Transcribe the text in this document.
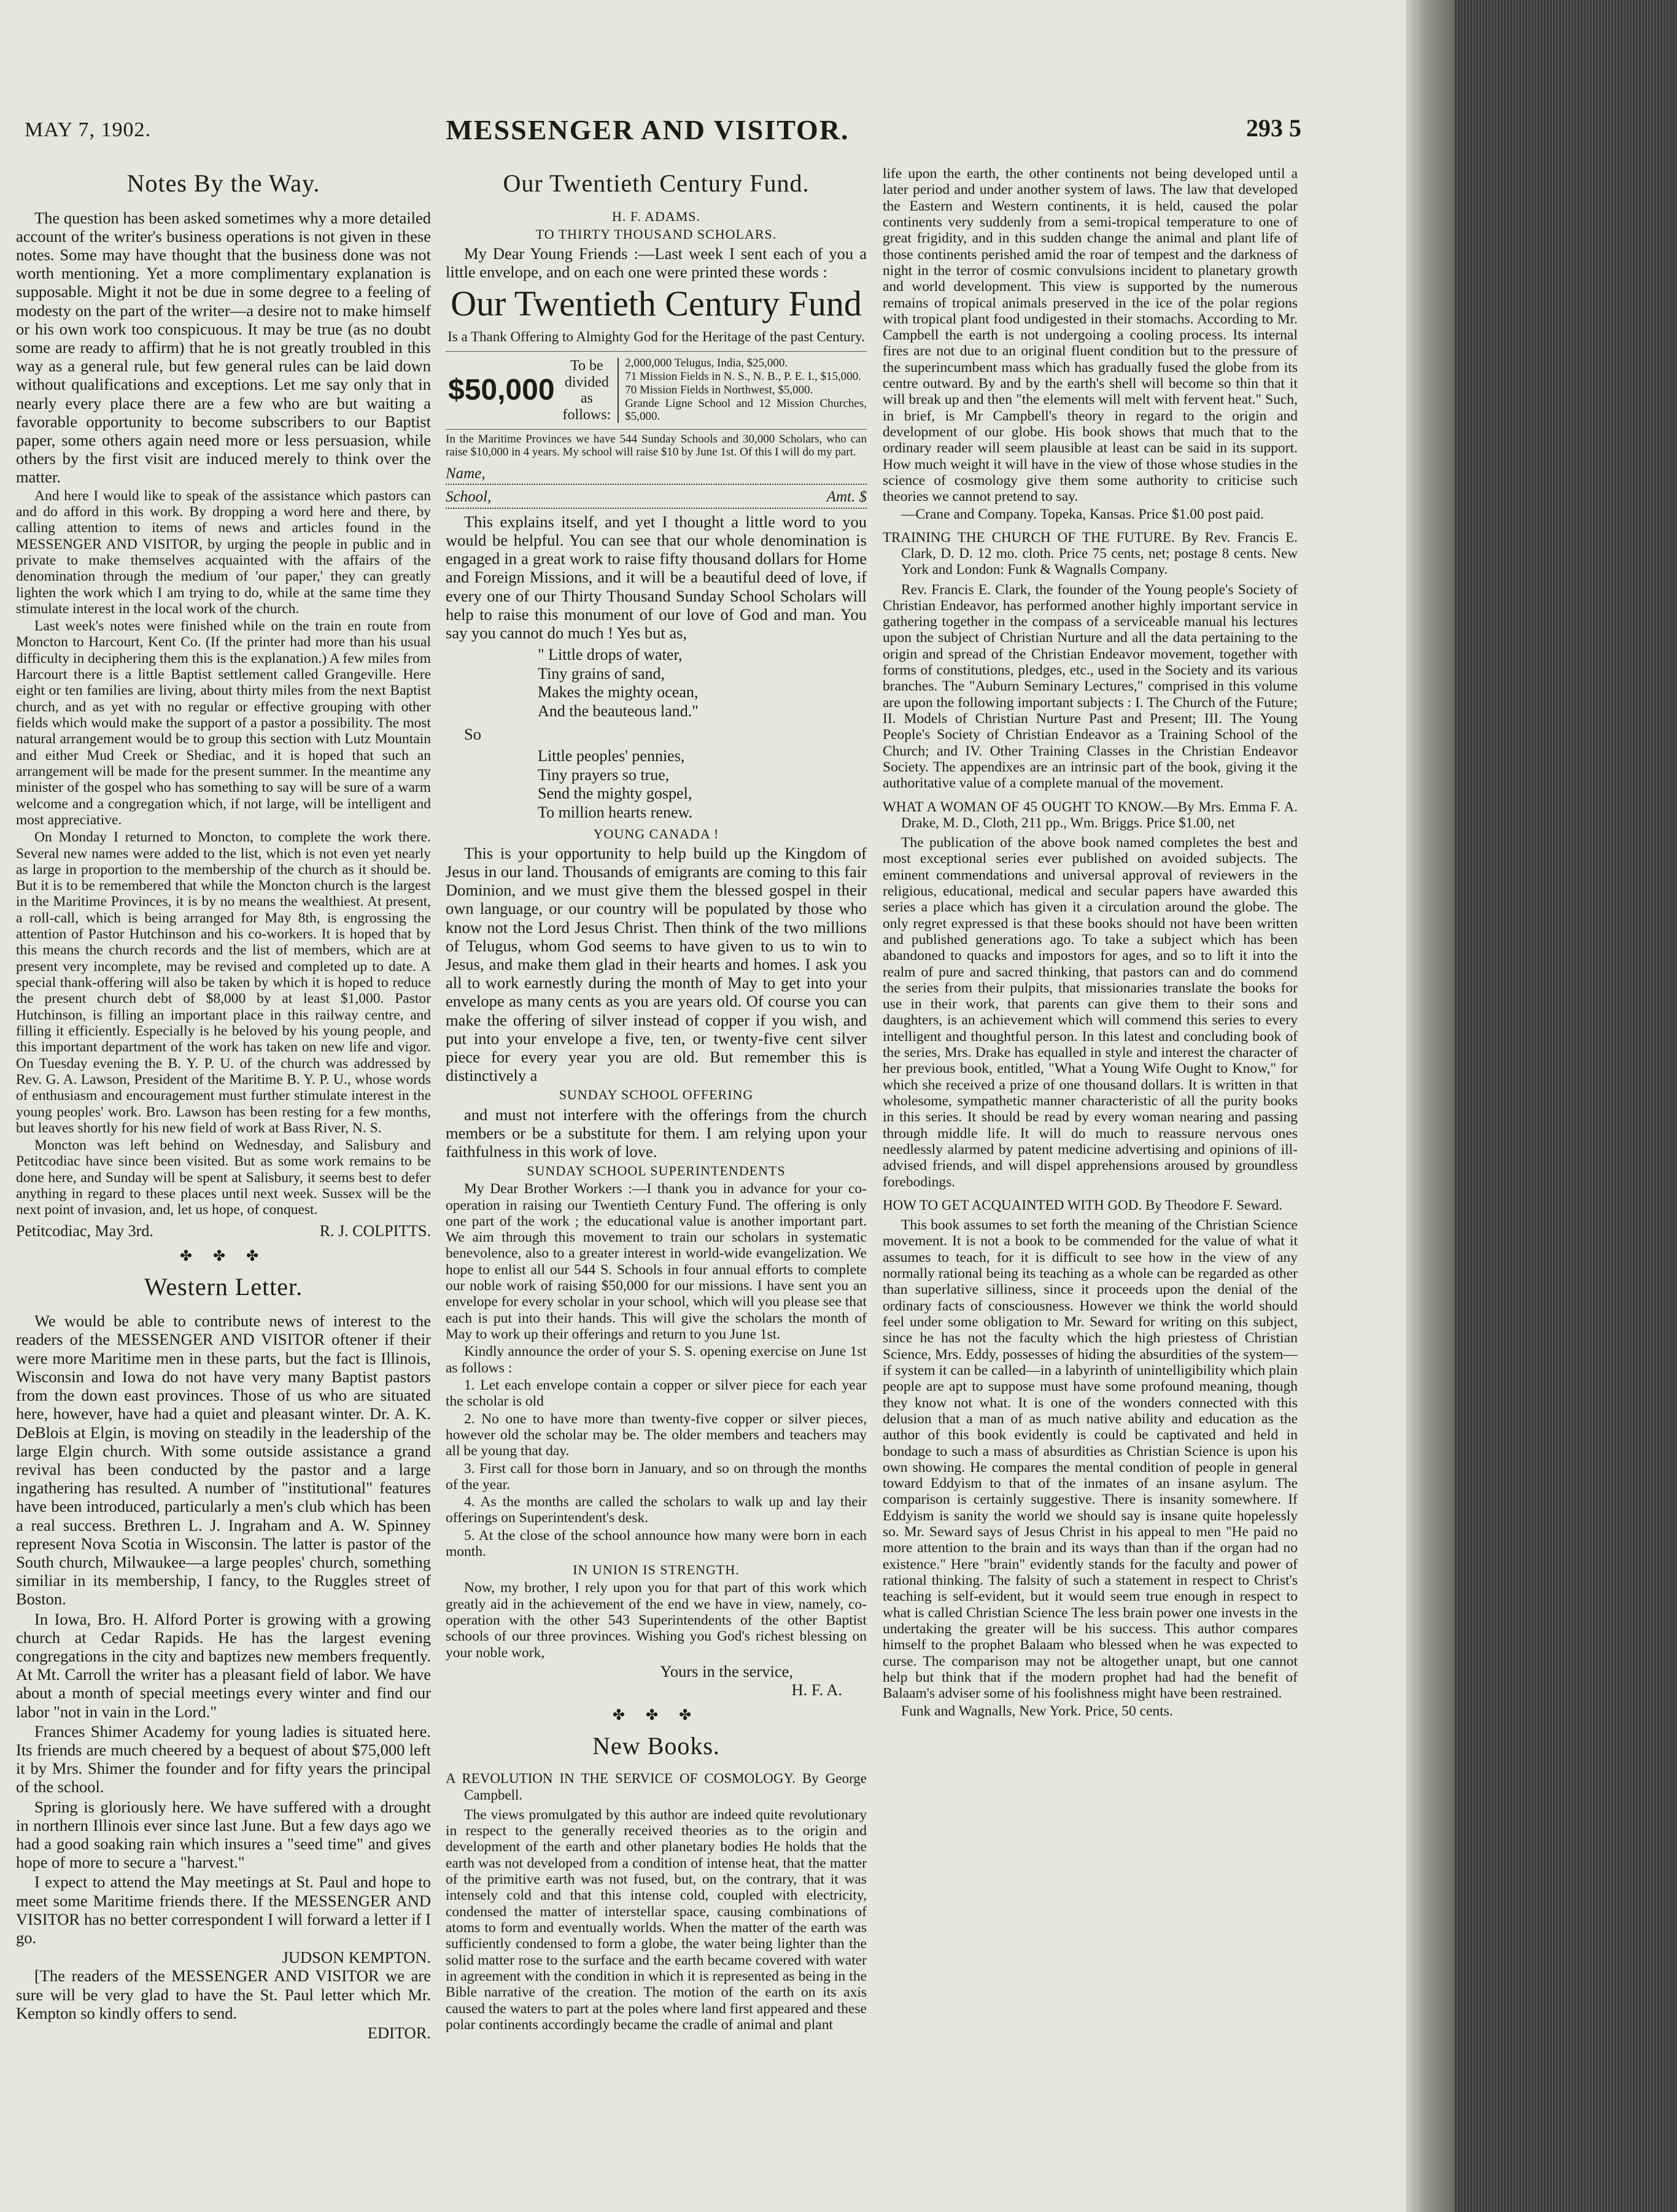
MAY 7, 1902.	MESSENGER AND VISITOR.	293 5
Notes By the Way.

The question has been asked sometimes why a more detailed account of the writer's business operations is not given in these notes. Some may have thought that the business done was not worth mentioning. Yet a more complimentary explanation is supposable. Might it not be due in some degree to a feeling of modesty on the part of the writer—a desire not to make himself or his own work too conspicuous. It may be true (as no doubt some are ready to affirm) that he is not greatly troubled in this way as a general rule, but few general rules can be laid down without qualifications and exceptions. Let me say only that in nearly every place there are a few who are but waiting a favorable opportunity to become subscribers to our Baptist paper, some others again need more or less persuasion, while others by the first visit are induced merely to think over the matter.

And here I would like to speak of the assistance which pastors can and do afford in this work. By dropping a word here and there, by calling attention to items of news and articles found in the MESSENGER AND VISITOR, by urging the people in public and in private to make themselves acquainted with the affairs of the denomination through the medium of 'our paper,' they can greatly lighten the work which I am trying to do, while at the same time they stimulate interest in the local work of the church.

Last week's notes were finished while on the train en route from Moncton to Harcourt, Kent Co. (If the printer had more than his usual difficulty in deciphering them this is the explanation.) A few miles from Harcourt there is a little Baptist settlement called Grangeville. Here eight or ten families are living, about thirty miles from the next Baptist church, and as yet with no regular or effective grouping with other fields which would make the support of a pastor a possibility. The most natural arrangement would be to group this section with Lutz Mountain and either Mud Creek or Shediac, and it is hoped that such an arrangement will be made for the present summer. In the meantime any minister of the gospel who has something to say will be sure of a warm welcome and a congregation which, if not large, will be intelligent and most appreciative.

On Monday I returned to Moncton, to complete the work there. Several new names were added to the list, which is not even yet nearly as large in proportion to the membership of the church as it should be. But it is to be remembered that while the Moncton church is the largest in the Maritime Provinces, it is by no means the wealthiest. At present, a roll-call, which is being arranged for May 8th, is engrossing the attention of Pastor Hutchinson and his co-workers. It is hoped that by this means the church records and the list of members, which are at present very incomplete, may be revised and completed up to date. A special thank-offering will also be taken by which it is hoped to reduce the present church debt of $8,000 by at least $1,000. Pastor Hutchinson, is filling an important place in this railway centre, and filling it efficiently. Especially is he beloved by his young people, and this important department of the work has taken on new life and vigor. On Tuesday evening the B. Y. P. U. of the church was addressed by Rev. G. A. Lawson, President of the Maritime B. Y. P. U., whose words of enthusiasm and encouragement must further stimulate interest in the young peoples' work. Bro. Lawson has been resting for a few months, but leaves shortly for his new field of work at Bass River, N. S.

Moncton was left behind on Wednesday, and Salisbury and Petitcodiac have since been visited. But as some work remains to be done here, and Sunday will be spent at Salisbury, it seems best to defer anything in regard to these places until next week. Sussex will be the next point of invasion, and, let us hope, of conquest.

Petitcodiac, May 3rd.	R. J. COLPITTS.
✤ ✤ ✤
Western Letter.

We would be able to contribute news of interest to the readers of the MESSENGER AND VISITOR oftener if their were more Maritime men in these parts, but the fact is Illinois, Wisconsin and Iowa do not have very many Baptist pastors from the down east provinces. Those of us who are situated here, however, have had a quiet and pleasant winter. Dr. A. K. DeBlois at Elgin, is moving on steadily in the leadership of the large Elgin church. With some outside assistance a grand revival has been conducted by the pastor and a large ingathering has resulted. A number of "institutional" features have been introduced, particularly a men's club which has been a real success. Brethren L. J. Ingraham and A. W. Spinney represent Nova Scotia in Wisconsin. The latter is pastor of the South church, Milwaukee—a large peoples' church, something similiar in its membership, I fancy, to the Ruggles street of Boston.

In Iowa, Bro. H. Alford Porter is growing with a growing church at Cedar Rapids. He has the largest evening congregations in the city and baptizes new members frequently. At Mt. Carroll the writer has a pleasant field of labor. We have about a month of special meetings every winter and find our labor "not in vain in the Lord."

Frances Shimer Academy for young ladies is situated here. Its friends are much cheered by a bequest of about $75,000 left it by Mrs. Shimer the founder and for fifty years the principal of the school.

Spring is gloriously here. We have suffered with a drought in northern Illinois ever since last June. But a few days ago we had a good soaking rain which insures a "seed time" and gives hope of more to secure a "harvest."

I expect to attend the May meetings at St. Paul and hope to meet some Maritime friends there. If the MESSENGER AND VISITOR has no better correspondent I will forward a letter if I go.

JUDSON KEMPTON.

[The readers of the MESSENGER AND VISITOR we are sure will be very glad to have the St. Paul letter which Mr. Kempton so kindly offers to send.

EDITOR.
Our Twentieth Century Fund.
H. F. ADAMS.
TO THIRTY THOUSAND SCHOLARS.

My Dear Young Friends :—Last week I sent each of you a little envelope, and on each one were printed these words :

Our Twentieth Century Fund
Is a Thank Offering to Almighty God for the Heritage of the past Century.
$50,000
To be divided as follows:
2,000,000 Telugus, India, $25,000.
71 Mission Fields in N. S., N. B., P. E. I., $15,000.
70 Mission Fields in Northwest, $5,000.
Grande Ligne School and 12 Mission Churches, $5,000.
In the Maritime Provinces we have 544 Sunday Schools and 30,000 Scholars, who can raise $10,000 in 4 years. My school will raise $10 by June 1st. Of this I will do my part.
Name,
School,	Amt. $

This explains itself, and yet I thought a little word to you would be helpful. You can see that our whole denomination is engaged in a great work to raise fifty thousand dollars for Home and Foreign Missions, and it will be a beautiful deed of love, if every one of our Thirty Thousand Sunday School Scholars will help to raise this monument of our love of God and man. You say you cannot do much ! Yes but as,

" Little drops of water,
Tiny grains of sand,
Makes the mighty ocean,
And the beauteous land."
So
Little peoples' pennies,
Tiny prayers so true,
Send the mighty gospel,
To million hearts renew.
YOUNG CANADA !

This is your opportunity to help build up the Kingdom of Jesus in our land. Thousands of emigrants are coming to this fair Dominion, and we must give them the blessed gospel in their own language, or our country will be populated by those who know not the Lord Jesus Christ. Then think of the two millions of Telugus, whom God seems to have given to us to win to Jesus, and make them glad in their hearts and homes. I ask you all to work earnestly during the month of May to get into your envelope as many cents as you are years old. Of course you can make the offering of silver instead of copper if you wish, and put into your envelope a five, ten, or twenty-five cent silver piece for every year you are old. But remember this is distinctively a

SUNDAY SCHOOL OFFERING

and must not interfere with the offerings from the church members or be a substitute for them. I am relying upon your faithfulness in this work of love.

SUNDAY SCHOOL SUPERINTENDENTS

My Dear Brother Workers :—I thank you in advance for your co-operation in raising our Twentieth Century Fund. The offering is only one part of the work ; the educational value is another important part. We aim through this movement to train our scholars in systematic benevolence, also to a greater interest in world-wide evangelization. We hope to enlist all our 544 S. Schools in four annual efforts to complete our noble work of raising $50,000 for our missions. I have sent you an envelope for every scholar in your school, which will you please see that each is put into their hands. This will give the scholars the month of May to work up their offerings and return to you June 1st.

Kindly announce the order of your S. S. opening exercise on June 1st as follows :

1. Let each envelope contain a copper or silver piece for each year the scholar is old

2. No one to have more than twenty-five copper or silver pieces, however old the scholar may be. The older members and teachers may all be young that day.

3. First call for those born in January, and so on through the months of the year.

4. As the months are called the scholars to walk up and lay their offerings on Superintendent's desk.

5. At the close of the school announce how many were born in each month.

IN UNION IS STRENGTH.

Now, my brother, I rely upon you for that part of this work which greatly aid in the achievement of the end we have in view, namely, co-operation with the other 543 Superintendents of the other Baptist schools of our three provinces. Wishing you God's richest blessing on your noble work,

Yours in the service,
H. F. A.
✤ ✤ ✤
New Books.
A REVOLUTION IN THE SERVICE OF COSMOLOGY. By George Campbell.

The views promulgated by this author are indeed quite revolutionary in respect to the generally received theories as to the origin and development of the earth and other planetary bodies He holds that the earth was not developed from a condition of intense heat, that the matter of the primitive earth was not fused, but, on the contrary, that it was intensely cold and that this intense cold, coupled with electricity, condensed the matter of interstellar space, causing combinations of atoms to form and eventually worlds. When the matter of the earth was sufficiently condensed to form a globe, the water being lighter than the solid matter rose to the surface and the earth became covered with water in agreement with the condition in which it is represented as being in the Bible narrative of the creation. The motion of the earth on its axis caused the waters to part at the poles where land first appeared and these polar continents accordingly became the cradle of animal and plant

life upon the earth, the other continents not being developed until a later period and under another system of laws. The law that developed the Eastern and Western continents, it is held, caused the polar continents very suddenly from a semi-tropical temperature to one of great frigidity, and in this sudden change the animal and plant life of those continents perished amid the roar of tempest and the darkness of night in the terror of cosmic convulsions incident to planetary growth and world development. This view is supported by the numerous remains of tropical animals preserved in the ice of the polar regions with tropical plant food undigested in their stomachs. According to Mr. Campbell the earth is not undergoing a cooling process. Its internal fires are not due to an original fluent condition but to the pressure of the superincumbent mass which has gradually fused the globe from its centre outward. By and by the earth's shell will become so thin that it will break up and then "the elements will melt with fervent heat." Such, in brief, is Mr Campbell's theory in regard to the origin and development of our globe. His book shows that much that to the ordinary reader will seem plausible at least can be said in its support. How much weight it will have in the view of those whose studies in the science of cosmology give them some authority to criticise such theories we cannot pretend to say.

—Crane and Company. Topeka, Kansas. Price $1.00 post paid.

TRAINING THE CHURCH OF THE FUTURE. By Rev. Francis E. Clark, D. D. 12 mo. cloth. Price 75 cents, net; postage 8 cents. New York and London: Funk & Wagnalls Company.

Rev. Francis E. Clark, the founder of the Young people's Society of Christian Endeavor, has performed another highly important service in gathering together in the compass of a serviceable manual his lectures upon the subject of Christian Nurture and all the data pertaining to the origin and spread of the Christian Endeavor movement, together with forms of constitutions, pledges, etc., used in the Society and its various branches. The "Auburn Seminary Lectures," comprised in this volume are upon the following important subjects : I. The Church of the Future; II. Models of Christian Nurture Past and Present; III. The Young People's Society of Christian Endeavor as a Training School of the Church; and IV. Other Training Classes in the Christian Endeavor Society. The appendixes are an intrinsic part of the book, giving it the authoritative value of a complete manual of the movement.

WHAT A WOMAN OF 45 OUGHT TO KNOW.—By Mrs. Emma F. A. Drake, M. D., Cloth, 211 pp., Wm. Briggs. Price $1.00, net

The publication of the above book named completes the best and most exceptional series ever published on avoided subjects. The eminent commendations and universal approval of reviewers in the religious, educational, medical and secular papers have awarded this series a place which has given it a circulation around the globe. The only regret expressed is that these books should not have been written and published generations ago. To take a subject which has been abandoned to quacks and impostors for ages, and so to lift it into the realm of pure and sacred thinking, that pastors can and do commend the series from their pulpits, that missionaries translate the books for use in their work, that parents can give them to their sons and daughters, is an achievement which will commend this series to every intelligent and thoughtful person. In this latest and concluding book of the series, Mrs. Drake has equalled in style and interest the character of her previous book, entitled, "What a Young Wife Ought to Know," for which she received a prize of one thousand dollars. It is written in that wholesome, sympathetic manner characteristic of all the purity books in this series. It should be read by every woman nearing and passing through middle life. It will do much to reassure nervous ones needlessly alarmed by patent medicine advertising and opinions of ill-advised friends, and will dispel apprehensions aroused by groundless forebodings.

HOW TO GET ACQUAINTED WITH GOD. By Theodore F. Seward.

This book assumes to set forth the meaning of the Christian Science movement. It is not a book to be commended for the value of what it assumes to teach, for it is difficult to see how in the view of any normally rational being its teaching as a whole can be regarded as other than superlative silliness, since it proceeds upon the denial of the ordinary facts of consciousness. However we think the world should feel under some obligation to Mr. Seward for writing on this subject, since he has not the faculty which the high priestess of Christian Science, Mrs. Eddy, possesses of hiding the absurdities of the system—if system it can be called—in a labyrinth of unintelligibility which plain people are apt to suppose must have some profound meaning, though they know not what. It is one of the wonders connected with this delusion that a man of as much native ability and education as the author of this book evidently is could be captivated and held in bondage to such a mass of absurdities as Christian Science is upon his own showing. He compares the mental condition of people in general toward Eddyism to that of the inmates of an insane asylum. The comparison is certainly suggestive. There is insanity somewhere. If Eddyism is sanity the world we should say is insane quite hopelessly so. Mr. Seward says of Jesus Christ in his appeal to men "He paid no more attention to the brain and its ways than than if the organ had no existence." Here "brain" evidently stands for the faculty and power of rational thinking. The falsity of such a statement in respect to Christ's teaching is self-evident, but it would seem true enough in respect to what is called Christian Science The less brain power one invests in the undertaking the greater will be his success. This author compares himself to the prophet Balaam who blessed when he was expected to curse. The comparison may not be altogether unapt, but one cannot help but think that if the modern prophet had had the benefit of Balaam's adviser some of his foolishness might have been restrained.

Funk and Wagnalls, New York. Price, 50 cents.
